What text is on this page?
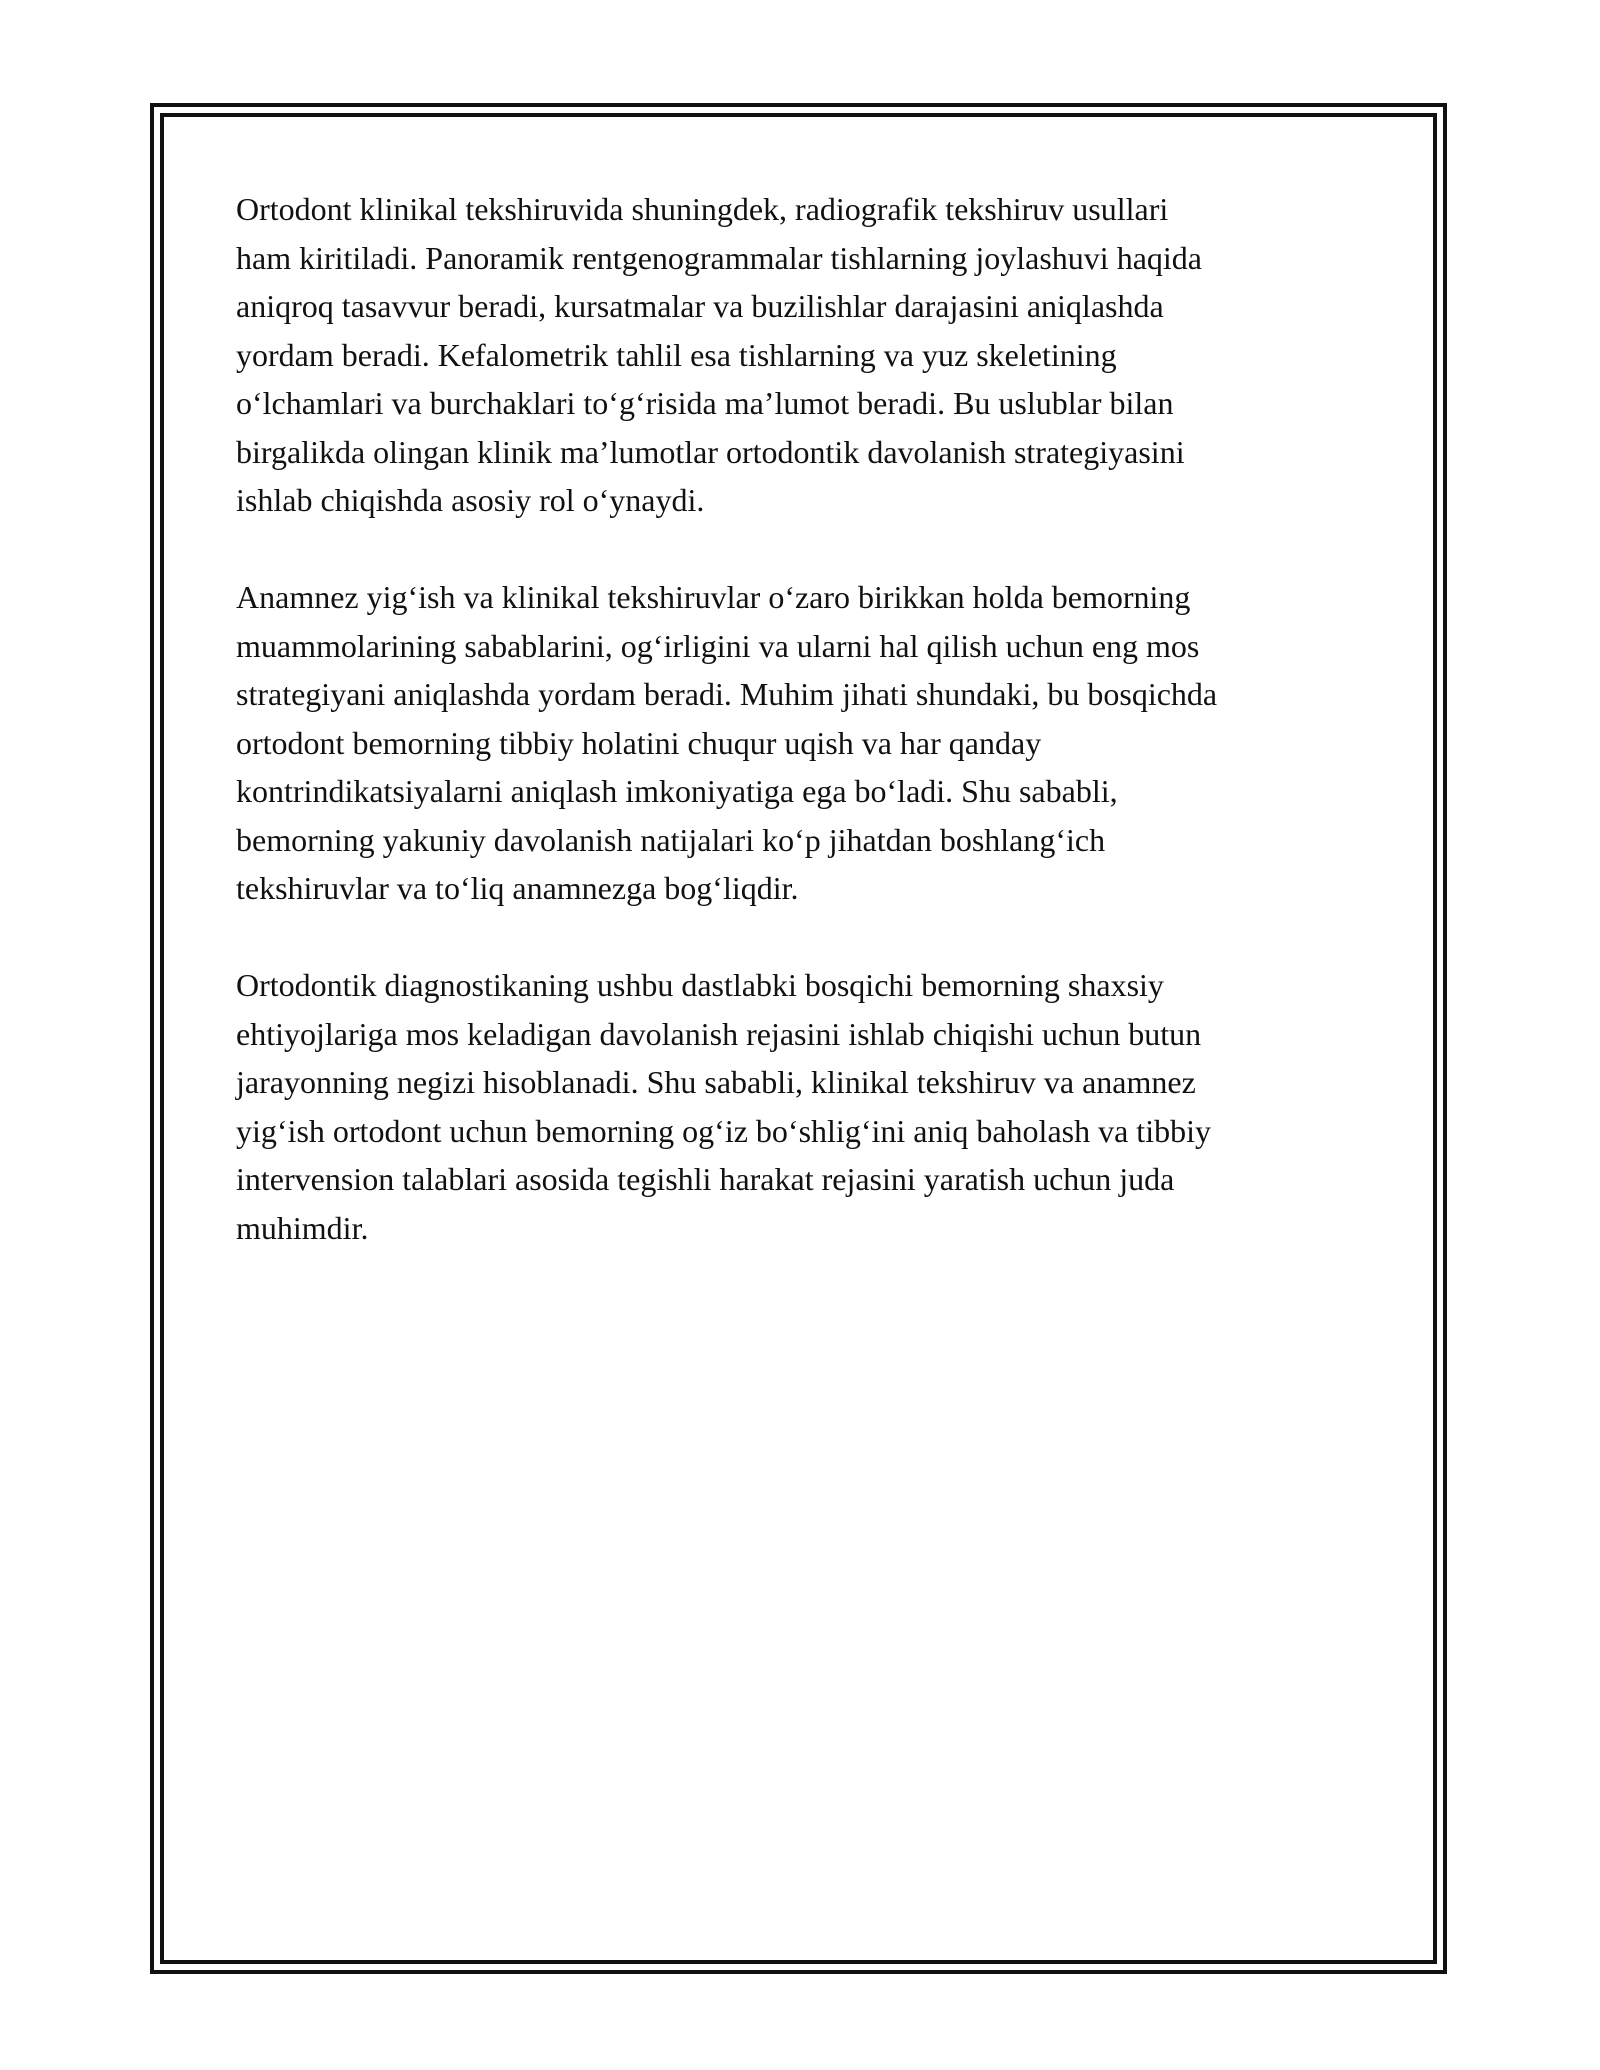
Ortodont klinikal tekshiruvida shuningdek, radiografik tekshiruv usullari
ham kiritiladi. Panoramik rentgenogrammalar tishlarning joylashuvi haqida
aniqroq tasavvur beradi, kursatmalar va buzilishlar darajasini aniqlashda
yordam beradi. Kefalometrik tahlil esa tishlarning va yuz skeletining
o‘lchamlari va burchaklari to‘g‘risida ma’lumot beradi. Bu uslublar bilan
birgalikda olingan klinik ma’lumotlar ortodontik davolanish strategiyasini
ishlab chiqishda asosiy rol o‘ynaydi.

Anamnez yig‘ish va klinikal tekshiruvlar o‘zaro birikkan holda bemorning
muammolarining sabablarini, og‘irligini va ularni hal qilish uchun eng mos
strategiyani aniqlashda yordam beradi. Muhim jihati shundaki, bu bosqichda
ortodont bemorning tibbiy holatini chuqur uqish va har qanday
kontrindikatsiyalarni aniqlash imkoniyatiga ega bo‘ladi. Shu sababli,
bemorning yakuniy davolanish natijalari ko‘p jihatdan boshlang‘ich
tekshiruvlar va to‘liq anamnezga bog‘liqdir.

Ortodontik diagnostikaning ushbu dastlabki bosqichi bemorning shaxsiy
ehtiyojlariga mos keladigan davolanish rejasini ishlab chiqishi uchun butun
jarayonning negizi hisoblanadi. Shu sababli, klinikal tekshiruv va anamnez
yig‘ish ortodont uchun bemorning og‘iz bo‘shlig‘ini aniq baholash va tibbiy
intervension talablari asosida tegishli harakat rejasini yaratish uchun juda
muhimdir.
